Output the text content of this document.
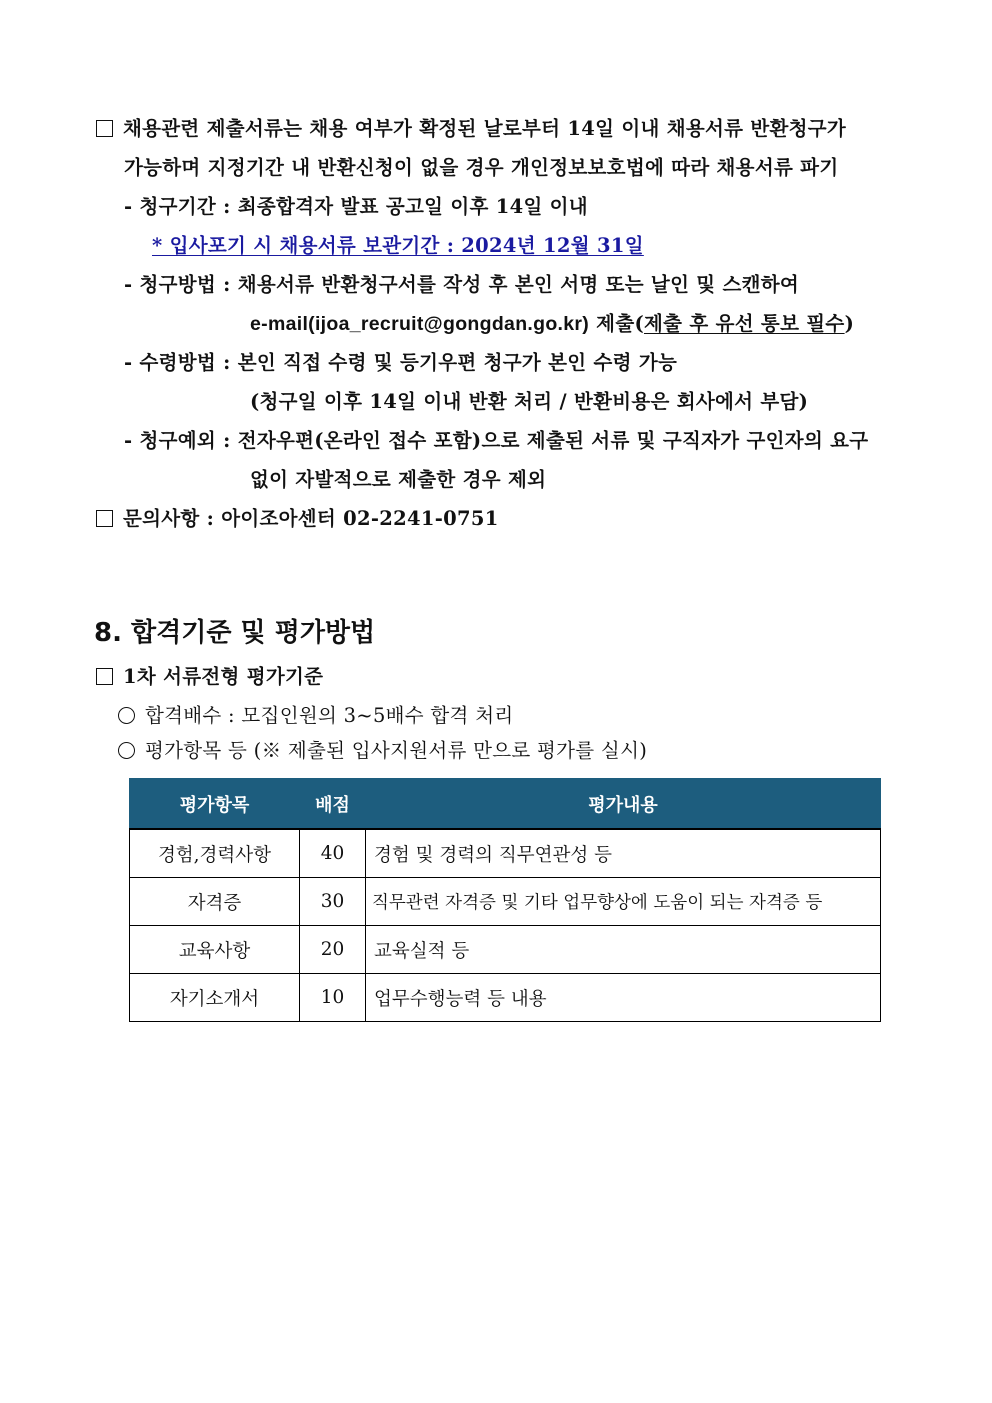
채용관련 제출서류는 채용 여부가 확정된 날로부터 14일 이내 채용서류 반환청구가
가능하며 지정기간 내 반환신청이 없을 경우 개인정보보호법에 따라 채용서류 파기
- 청구기간 : 최종합격자 발표 공고일 이후 14일 이내
* 입사포기 시 채용서류 보관기간 : 2024년 12월 31일
- 청구방법 : 채용서류 반환청구서를 작성 후 본인 서명 또는 날인 및 스캔하여
e-mail(ijoa_recruit@gongdan.go.kr) 제출(제출 후 유선 통보 필수)
- 수령방법 : 본인 직접 수령 및 등기우편 청구가 본인 수령 가능
(청구일 이후 14일 이내 반환 처리 / 반환비용은 회사에서 부담)
- 청구예외 : 전자우편(온라인 접수 포함)으로 제출된 서류 및 구직자가 구인자의 요구
없이 자발적으로 제출한 경우 제외
문의사항 : 아이조아센터 02-2241-0751
8. 합격기준 및 평가방법
1차 서류전형 평가기준
합격배수 : 모집인원의 3~5배수 합격 처리
평가항목 등 (※ 제출된 입사지원서류 만으로 평가를 실시)
평가항목	배점	평가내용
경험,경력사항	40	경험 및 경력의 직무연관성 등
자격증	30	직무관련 자격증 및 기타 업무향상에 도움이 되는 자격증 등
교육사항	20	교육실적 등
자기소개서	10	업무수행능력 등 내용
